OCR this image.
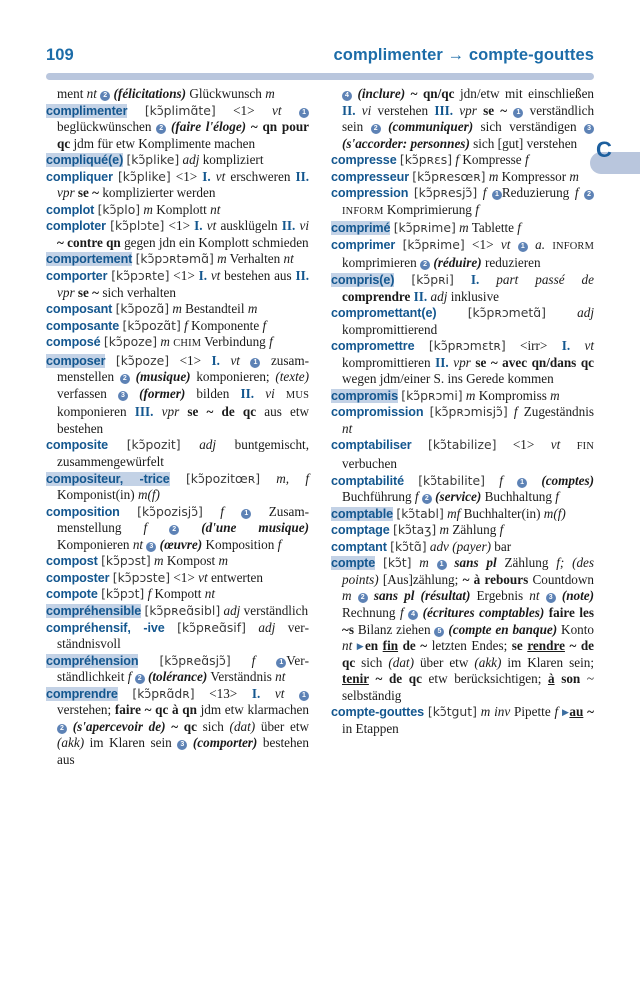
109	complimenter → compte-gouttes
C

ment nt 2 (félicitations) Glückwunsch m

complimenter [kɔ̃plimɑ̃te] <1> vt	1 beglückwünschen 2 (faire l'éloge) ~ qn pour qc jdm für etw Komplimente machen

compliqué(e) [kɔ̃plike] adj kompliziert

compliquer [kɔ̃plike] <1> I. vt erschweren II. vpr se ~ komplizierter werden

complot [kɔ̃plo] m Komplott nt

comploter [kɔ̃plɔte] <1> I. vt ausklügeln II. vi ~ contre qn gegen jdn ein Komplott schmieden

comportement [kɔ̃pɔʀtəmɑ̃] m Verhalten nt

comporter [kɔ̃pɔʀte] <1> I. vt bestehen aus II. vpr se ~ sich verhalten

composant [kɔ̃pozɑ̃] m Bestandteil m

composante [kɔ̃pozɑ̃t] f Komponente f

composé [kɔ̃poze] m CHIM Verbindung f

composer [kɔ̃poze] <1> I. vt 1 zusammenstellen 2 (musique) komponieren; (texte) verfassen 3 (former) bilden II. vi MUS komponieren III. vpr se ~ de qc aus etw bestehen

composite [kɔ̃pozit] adj buntgemischt, zusammengewürfelt

compositeur, -trice [kɔ̃pozitœʀ] m, f Komponist(in) m(f)

composition [kɔ̃pozisjɔ̃] f	1 Zusammenstellung f	2 (d'une musique) Komponieren nt 3 (œuvre) Komposition f

compost [kɔ̃pɔst] m Kompost m

composter [kɔ̃pɔste] <1> vt entwerten

compote [kɔ̃pɔt] f Kompott nt

compréhensible [kɔ̃pʀeɑ̃sibl] adj verständlich

compréhensif, -ive [kɔ̃pʀeɑ̃sif] adj verständnisvoll

compréhension [kɔ̃pʀeɑ̃sjɔ̃] f	1 Verständlichkeit f 2 (tolérance) Verständnis nt

comprendre [kɔ̃pʀɑ̃dʀ] <13> I. vt	1 verstehen; faire ~ qc à qn jdm etw klarmachen 2 (s'apercevoir de) ~ qc sich (dat) über etw (akk) im Klaren sein 3 (comporter) bestehen aus

4 (inclure) ~ qn/qc jdn/etw mit einschließen II. vi verstehen III. vpr se ~ 1 verständlich sein 2 (communiquer) sich verständigen 3 (s'accorder: personnes) sich [gut] verstehen

compresse [kɔ̃pʀɛs] f Kompresse f

compresseur [kɔ̃pʀesœʀ] m Kompressor m

compression [kɔ̃pʀesjɔ̃] f 1 Reduzierung f 2 INFORM Komprimierung f

comprimé [kɔ̃pʀime] m Tablette f

comprimer [kɔ̃pʀime] <1> vt 1 a. INFORM komprimieren 2 (réduire) reduzieren

compris(e) [kɔ̃pʀi] I. part passé de comprendre II. adj inklusive

compromettant(e)	[kɔ̃pʀɔmetɑ̃] adj kompromittierend

compromettre [kɔ̃pʀɔmɛtʀ] <irr> I. vt kompromittieren II. vpr se ~ avec qn/dans qc wegen jdm/einer S. ins Gerede kommen

compromis [kɔ̃pʀɔmi] m Kompromiss m

compromission [kɔ̃pʀɔmisjɔ̃] f Zugeständnis nt

comptabiliser [kɔ̃tabilize] <1> vt FIN verbuchen

comptabilité [kɔ̃tabilite] f 1 (comptes) Buchführung f 2 (service) Buchhaltung f

comptable [kɔ̃tabl] mf Buchhalter(in) m(f)

comptage [kɔ̃taʒ] m Zählung f

comptant [kɔ̃tɑ̃] adv (payer) bar

compte [kɔ̃t] m 1 sans pl Zählung f; (des points) [Aus]zählung; ~ à rebours Countdown m 2 sans pl (résultat) Ergebnis nt 3 (note) Rechnung f 4 (écritures comptables) faire les ~s Bilanz ziehen 5 (compte en banque) Konto nt ▶en fin de ~ letzten Endes; se rendre ~ de qc sich (dat) über etw (akk) im Klaren sein; tenir ~ de qc etw berücksichtigen; à son ~ selbständig

compte-gouttes [kɔ̃tgut] m inv Pipette f ▶au ~ in Etappen
